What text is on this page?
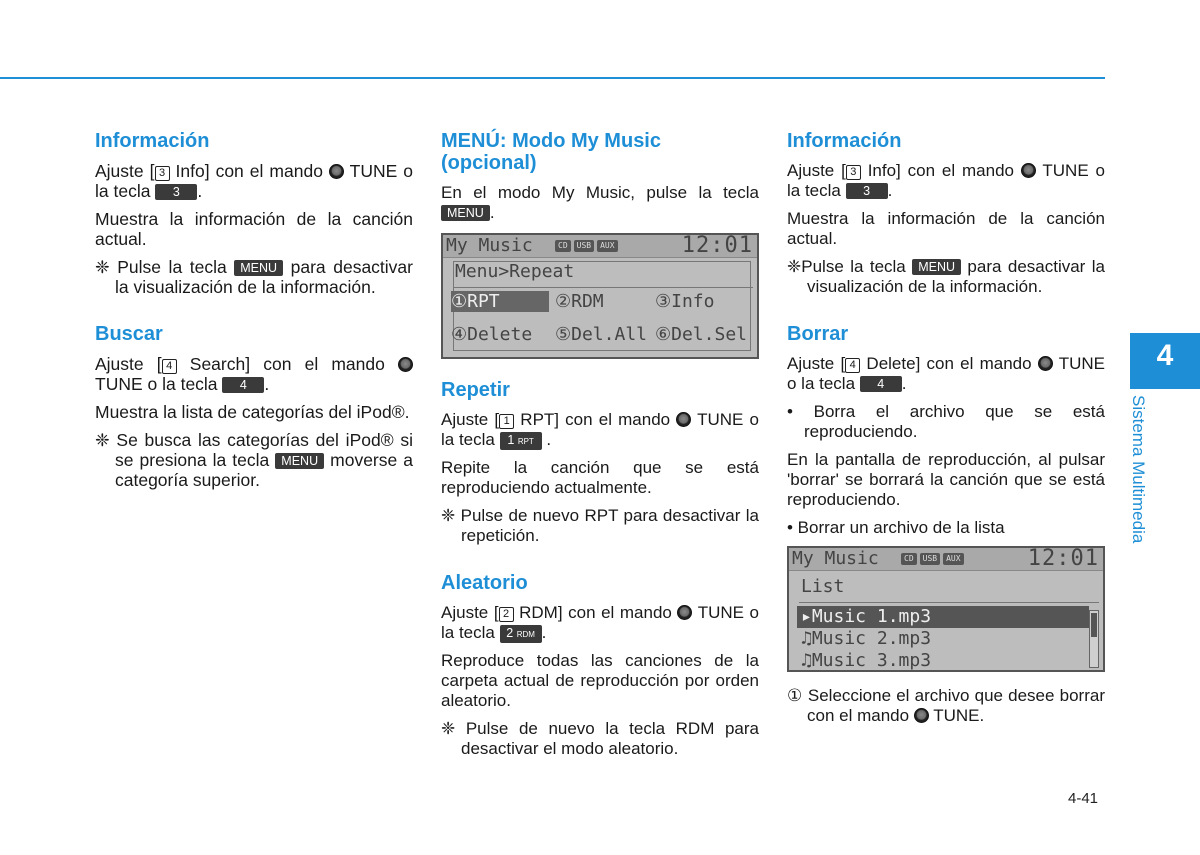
Información

Ajuste [ 3 Info] con el mando  TUNE o la tecla 3 .

Muestra la información de la canción actual.

❈ Pulse la tecla MENU para desactivar la visualización de la información.

Buscar

Ajuste [ 4 Search] con el mando  TUNE o la tecla 4 .

Muestra la lista de categorías del iPod®.

❈ Se busca las categorías del iPod® si se presiona la tecla MENU moverse a categoría superior.

MENÚ: Modo My Music (opcional)

En el modo My Music, pulse la tecla MENU .

My Music	CD USB AUX	12:01
Menu>Repeat
①RPT	②RDM	③Info
④Delete ⑤Del.All ⑥Del.Sel
Repetir

Ajuste [ 1 RPT] con el mando  TUNE o la tecla 1 RPT .

Repite la canción que se está reproduciendo actualmente.

❈ Pulse de nuevo RPT para desactivar la repetición.

Aleatorio

Ajuste [ 2 RDM] con el mando  TUNE o la tecla 2 RDM .

Reproduce todas las canciones de la carpeta actual de reproducción por orden aleatorio.

❈ Pulse de nuevo la tecla RDM para desactivar el modo aleatorio.

Información

Ajuste [ 3 Info] con el mando  TUNE o la tecla 3 .

Muestra la información de la canción actual.

❈Pulse la tecla MENU para desactivar la visualización de la información.

Borrar

Ajuste [ 4 Delete] con el mando  TUNE o la tecla 4 .

• Borra el archivo que se está reproduciendo.

En la pantalla de reproducción, al pulsar 'borrar' se borrará la canción que se está reproduciendo.

• Borrar un archivo de la lista

My Music	CD USB AUX	12:01
List
▸Music 1.mp3
♫Music 2.mp3
♫Music 3.mp3

① Seleccione el archivo que desee borrar con el mando  TUNE.

4
Sistema Multimedia
4-41
